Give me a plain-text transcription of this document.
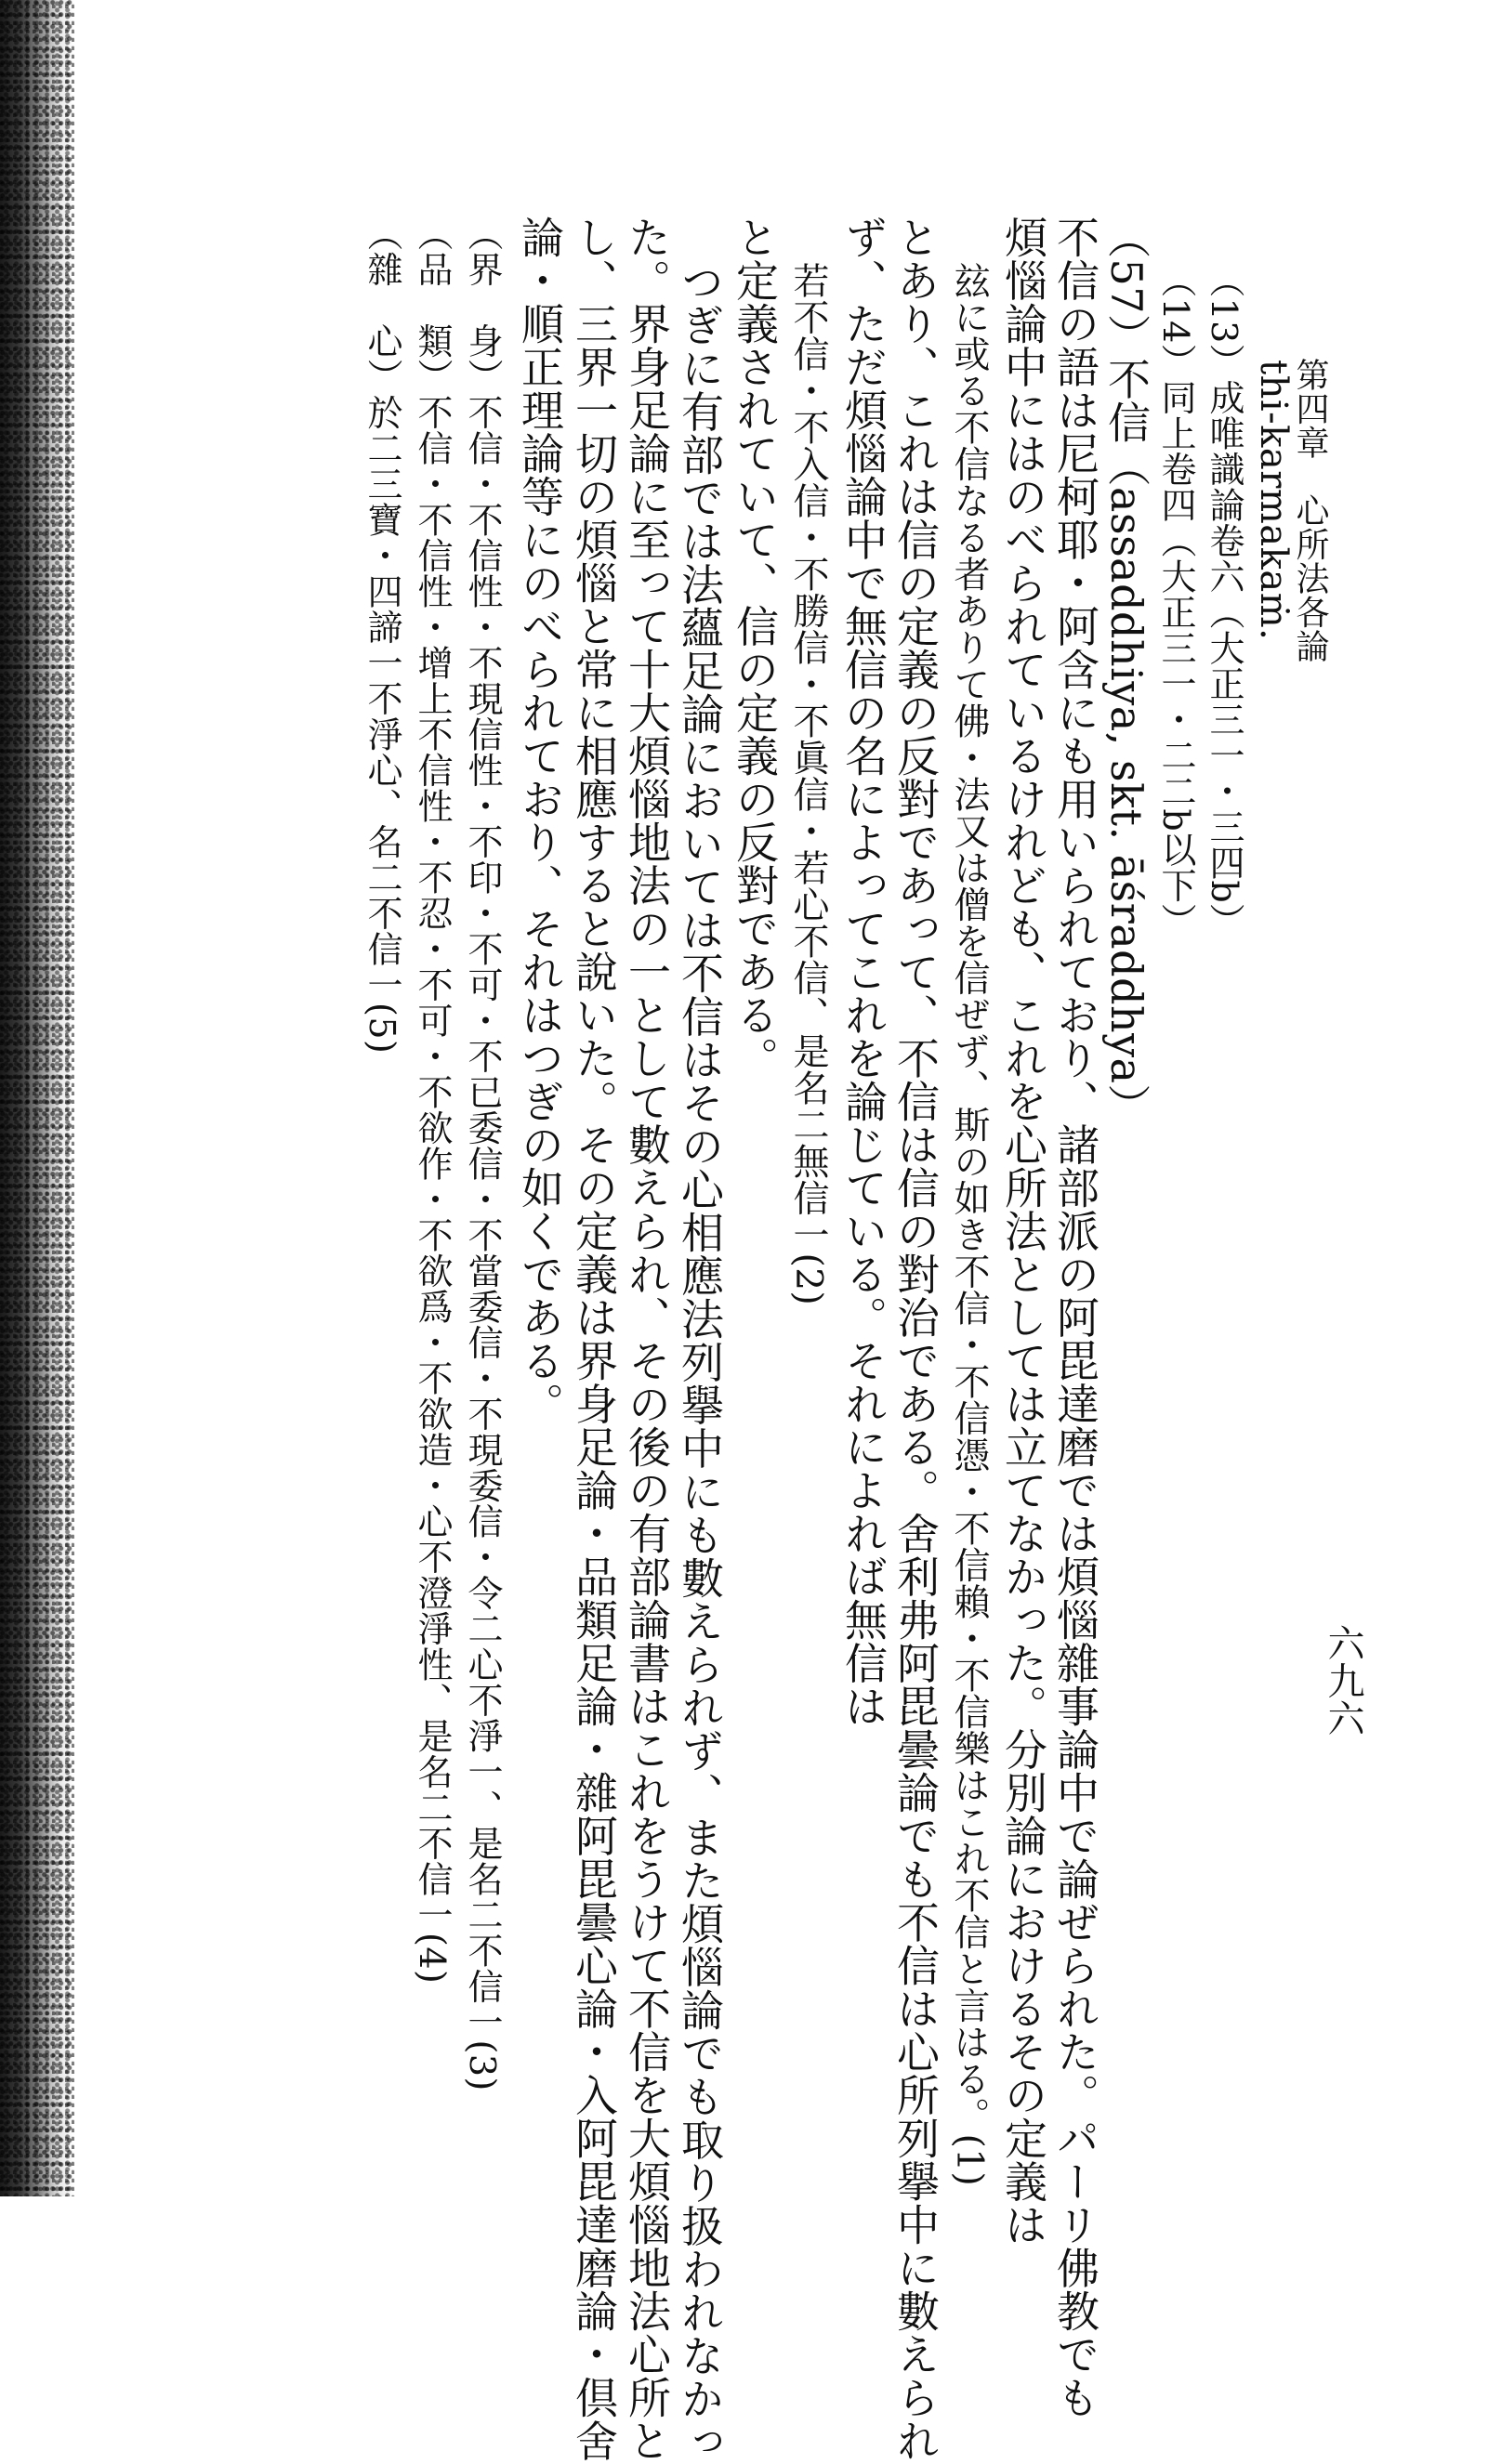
第四章　心所法各論
六九六
thi-karmakaṁ.
（13）成唯識論卷六（大正三一・三四b）
（14）同上卷四（大正三一・二二b以下）
（57）不信（assaddhiya, skt. āśraddhya）
不信の語は尼柯耶・阿含にも用いられており、諸部派の阿毘達磨では煩惱雜事論中で論ぜられた。パーリ佛教でも
煩惱論中にはのべられているけれども、これを心所法としては立てなかった。分別論におけるその定義は
玆に或る不信なる者ありて佛・法又は僧を信ぜず、斯の如き不信・不信憑・不信賴・不信樂はこれ不信と言はる。(1)
とあり、これは信の定義の反對であって、不信は信の對治である。舍利弗阿毘曇論でも不信は心所列擧中に數えられ
ず、ただ煩惱論中で無信の名によってこれを論じている。それによれば無信は
若不信・不入信・不勝信・不眞信・若心不信、是名二無信一(2)
と定義されていて、信の定義の反對である。
つぎに有部では法蘊足論においては不信はその心相應法列擧中にも數えられず、また煩惱論でも取り扱われなかっ
た。界身足論に至って十大煩惱地法の一として數えられ、その後の有部論書はこれをうけて不信を大煩惱地法心所と
し、三界一切の煩惱と常に相應すると說いた。その定義は界身足論・品類足論・雜阿毘曇心論・入阿毘達磨論・倶舍
論・順正理論等にのべられており、それはつぎの如くである。
（界　身）不信・不信性・不現信性・不印・不可・不已委信・不當委信・不現委信・令二心不淨一、是名二不信一(3)
（品　類）不信・不信性・增上不信性・不忍・不可・不欲作・不欲爲・不欲造・心不澄淨性、是名二不信一(4)
（雜　心）於二三寶・四諦一不淨心、名二不信一(5)
